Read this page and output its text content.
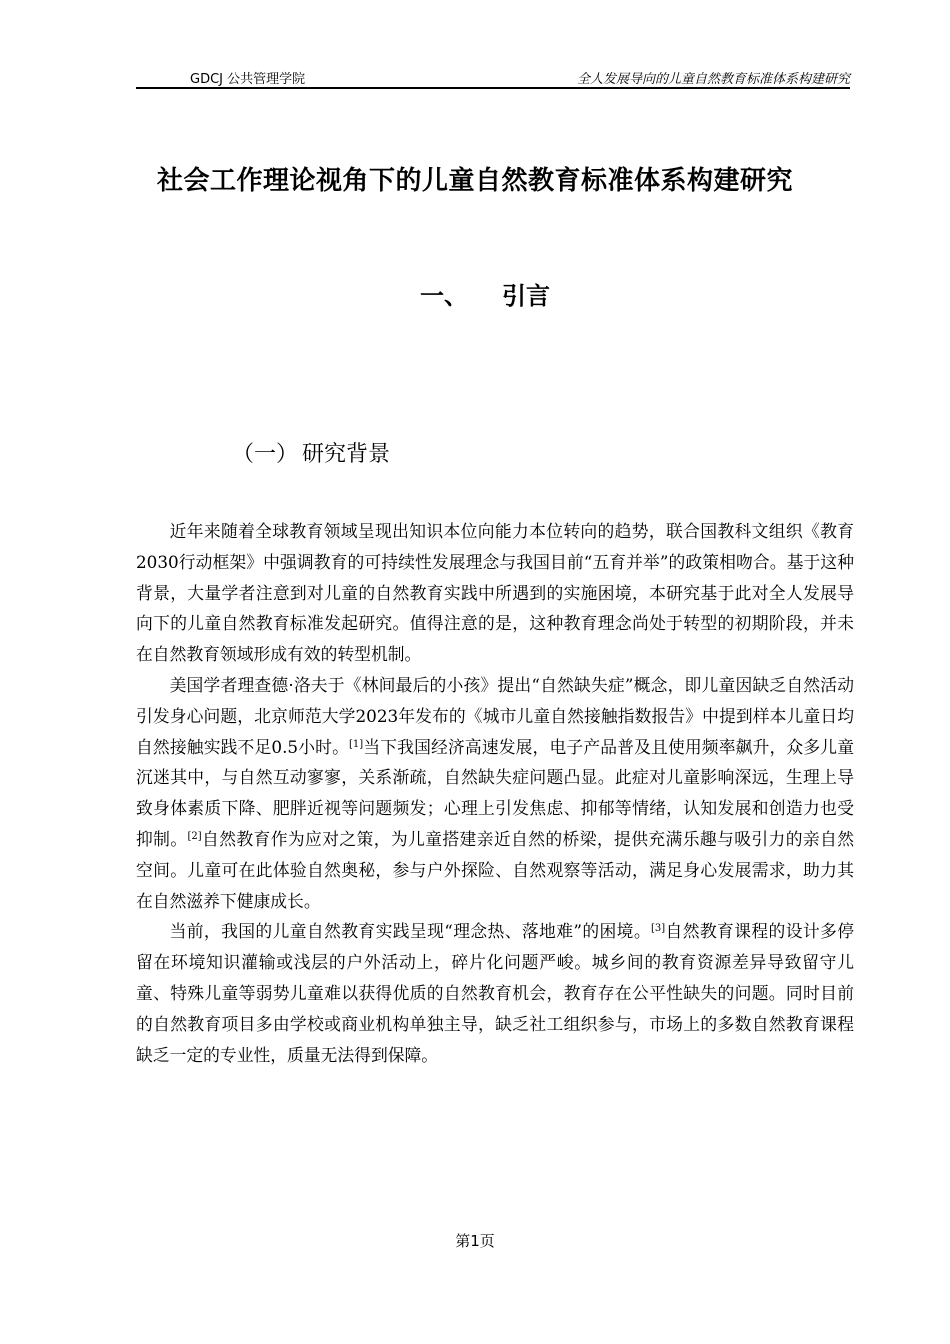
GDCJ 公共管理学院	全人发展导向的儿童自然教育标准体系构建研究
社会工作理论视角下的儿童自然教育标准体系构建研究
一、 引言
（一） 研究背景

近年来随着全球教育领域呈现出知识本位向能力本位转向的趋势，联合国教科文组织《教育2030行动框架》中强调教育的可持续性发展理念与我国目前“五育并举”的政策相吻合。基于这种背景，大量学者注意到对儿童的自然教育实践中所遇到的实施困境，本研究基于此对全人发展导向下的儿童自然教育标准发起研究。值得注意的是，这种教育理念尚处于转型的初期阶段，并未在自然教育领域形成有效的转型机制。

美国学者理查德·洛夫于《林间最后的小孩》提出“自然缺失症”概念，即儿童因缺乏自然活动引发身心问题，北京师范大学2023年发布的《城市儿童自然接触指数报告》中提到样本儿童日均自然接触实践不足0.5小时。[1]当下我国经济高速发展，电子产品普及且使用频率飙升，众多儿童沉迷其中，与自然互动寥寥，关系渐疏，自然缺失症问题凸显。此症对儿童影响深远，生理上导致身体素质下降、肥胖近视等问题频发；心理上引发焦虑、抑郁等情绪，认知发展和创造力也受抑制。[2]自然教育作为应对之策，为儿童搭建亲近自然的桥梁，提供充满乐趣与吸引力的亲自然空间。儿童可在此体验自然奥秘，参与户外探险、自然观察等活动，满足身心发展需求，助力其在自然滋养下健康成长。

当前，我国的儿童自然教育实践呈现“理念热、落地难”的困境。[3]自然教育课程的设计多停留在环境知识灌输或浅层的户外活动上，碎片化问题严峻。城乡间的教育资源差异导致留守儿童、特殊儿童等弱势儿童难以获得优质的自然教育机会，教育存在公平性缺失的问题。同时目前的自然教育项目多由学校或商业机构单独主导，缺乏社工组织参与，市场上的多数自然教育课程缺乏一定的专业性，质量无法得到保障。

第1页
